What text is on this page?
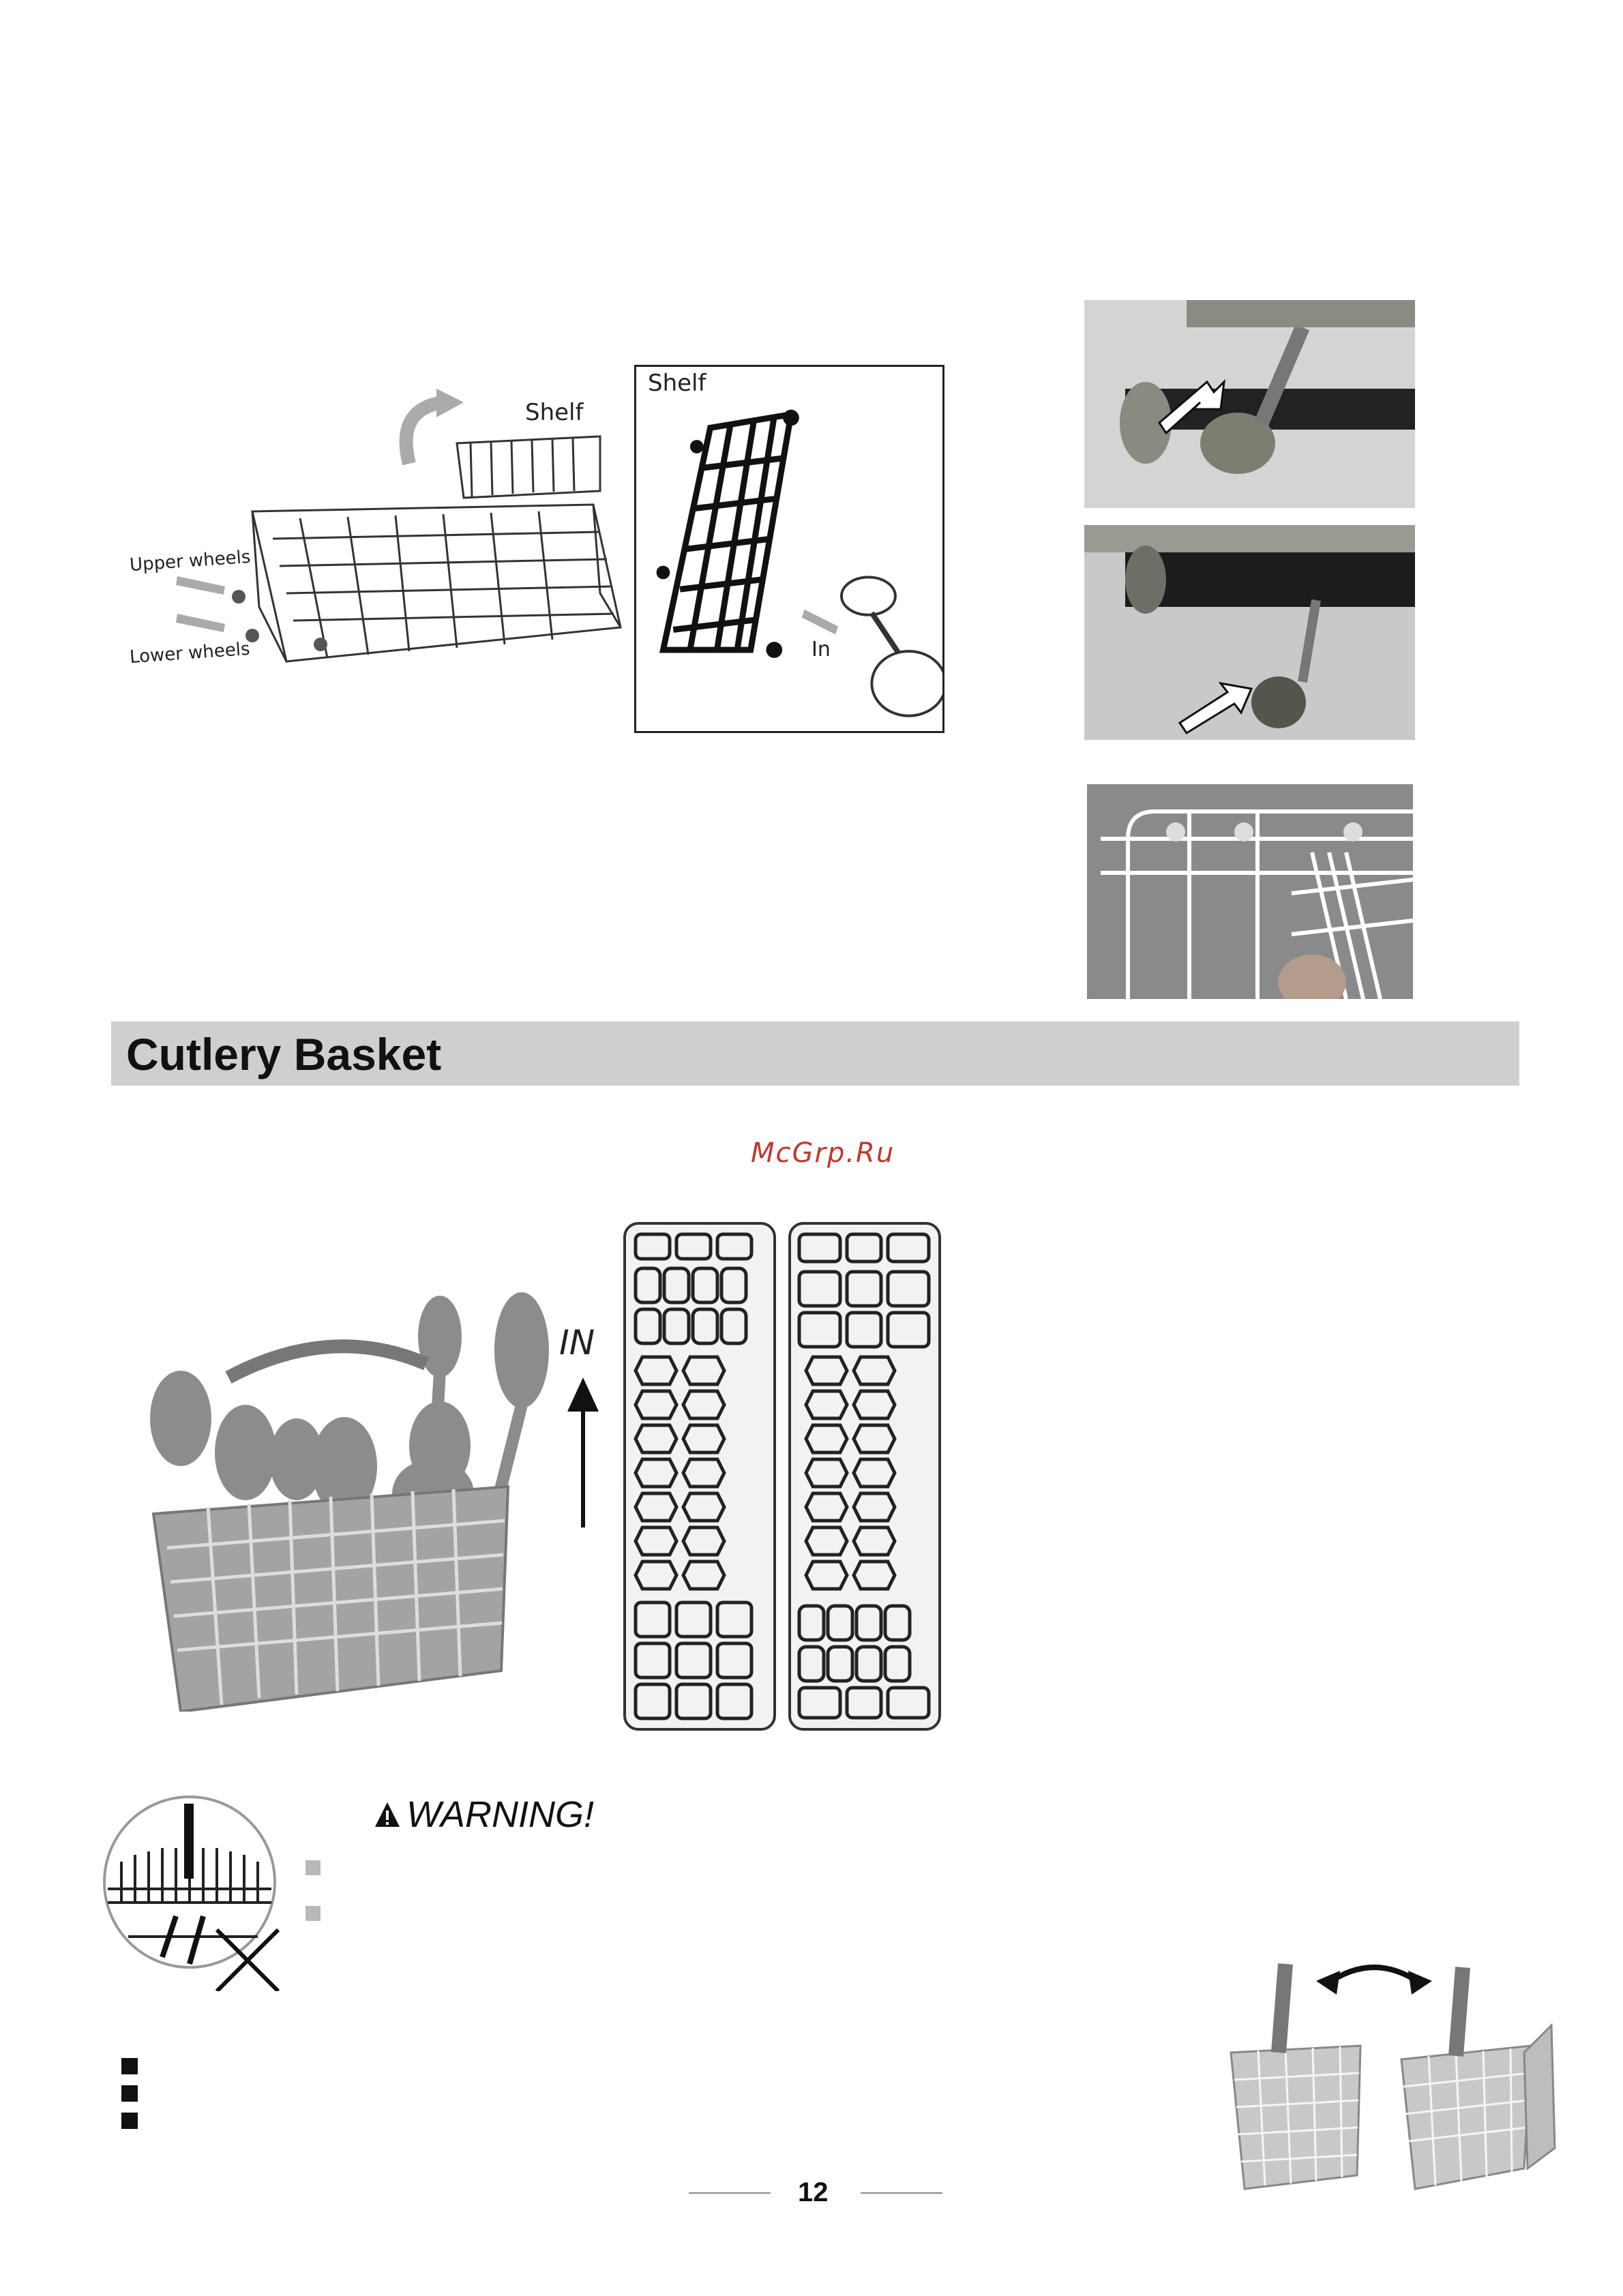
Shelf
Upper wheels
Lower wheels
Shelf
In
Cutlery Basket
McGrp.Ru
IN
WARNING!
12
